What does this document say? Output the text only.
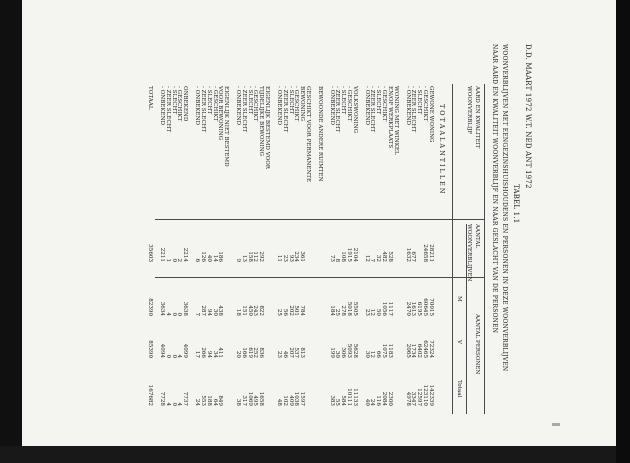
D.D. MAART 1972 W.T. NED ANT 1972
TABEL 1.1
WOONVERBLIJVEN MET EENGEZINSHUISHOUDENS EN PERSONEN IN DEZE WOONVERBLIJVEN
NAAR AARD EN KWALITEIT WOONVERBLIJF EN NAAR GESLACHT VAN DE PERSONEN
AARD EN KWALITEIT
WOONVERBLIJF
AANTAL
WOONVERBLIJVEN
AANTAL PERSONEN
M
V
Totaal
T O T A A L A N T I L L E N
GEWONE WONING
28211
70015
72324
142339
- GESCHIKT
24658
60645
62465
123110
- SLECHT
6195
6402
12597
- ZEER SLECHT
677
1613
1734
3347
- ONBEKEND
1632
2470
2065
4978
WONING MET WINKEL
EN/OF WERKPLAATS
528
1117
1183
2300
- GESCHIKT
482
1056
1075
2084
- SLECHT
32
50
66
116
- ZEER SLECHT
7
12
12
24
- ONBEKEND
12
23
30
40
VOLKSWONING
2104
5505
5628
11133
- GESCHIKT
1915
5018
5093
10111
- SLECHT
108
278
306
584
- ZEER SLECHT
8
25
30
55
- ONBEKEND
73
184
199
383
BEWOONDE ANDERE RUIMTEN
GESCHIKT VOOR PERMANENTE
BEWONING
361
784
813
1597
- GESCHIKT
234
501
537
1038
- SLECHT
93
202
207
409
- ZEER SLECHT
23
56
46
102
- ONBEKEND
11
25
23
48
EIGENLIJK BESTEMD VOOR
TIJDELIJKE BEWONING
292
822
836
1658
- GESCHIKT
112
243
252
495
- SLECHT
158
450
619
1069
- ZEER SLECHT
13
151
166
317
- ONBEKEND
9
18
20
38
EIGENLIJK NIET BESTEMD
VOOR BEWONING
186
438
411
849
- GESCHIKT
14
30
34
64
- SLECHT
40
94
94
188
- ZEER SLECHT
126
287
266
553
- ONBEKEND
6
7
17
24
ONBEKEND
2214
3638
4099
7737
- GESCHIKT
2
0
4
4
- SLECHT
0
0
0
0
- ZEER SLECHT
1
4
0
4
- ONBEKEND
2211
3634
4094
7728
TOTAAL
35603
82390
85390
167682
